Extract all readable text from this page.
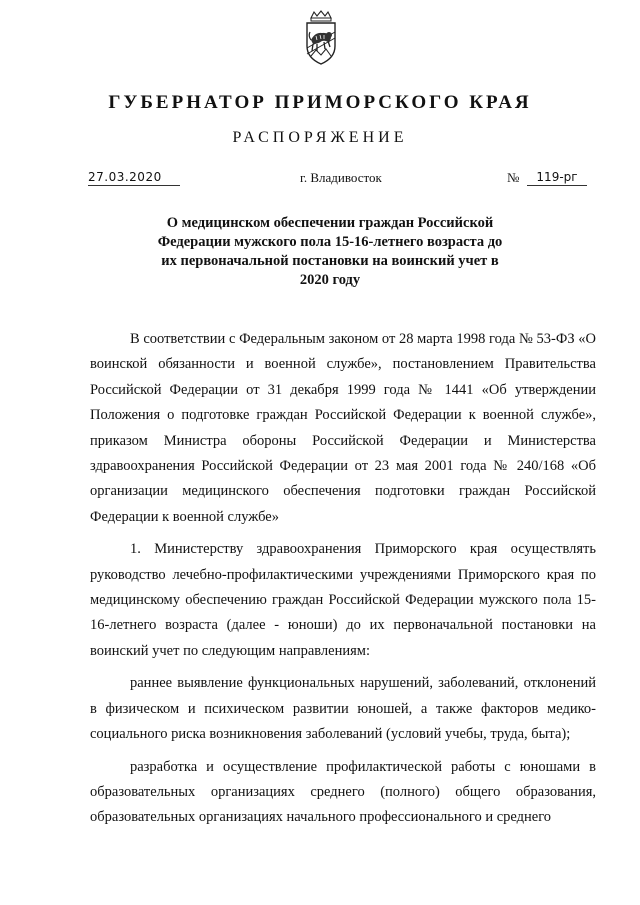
ГУБЕРНАТОР ПРИМОРСКОГО КРАЯ
РАСПОРЯЖЕНИЕ
27.03.2020	г. Владивосток	№	119-рг
О медицинском обеспечении граждан Российской Федерации мужского пола 15-16-летнего возраста до их первоначальной постановки на воинский учет в 2020 году

В соответствии с Федеральным законом от 28 марта 1998 года № 53-ФЗ «О воинской обязанности и военной службе», постановлением Правительства Российской Федерации от 31 декабря 1999 года № 1441 «Об утверждении Положения о подготовке граждан Российской Федерации к военной службе», приказом Министра обороны Российской Федерации и Министерства здравоохранения Российской Федерации от 23 мая 2001 года № 240/168 «Об организации медицинского обеспечения подготовки граждан Российской Федерации к военной службе»

1. Министерству здравоохранения Приморского края осуществлять руководство лечебно-профилактическими учреждениями Приморского края по медицинскому обеспечению граждан Российской Федерации мужского пола 15-16-летнего возраста (далее - юноши) до их первоначальной постановки на воинский учет по следующим направлениям:

раннее выявление функциональных нарушений, заболеваний, отклонений в физическом и психическом развитии юношей, а также факторов медико-социального риска возникновения заболеваний (условий учебы, труда, быта);

разработка и осуществление профилактической работы с юношами в образовательных организациях среднего (полного) общего образования, образовательных организациях начального профессионального и среднего
